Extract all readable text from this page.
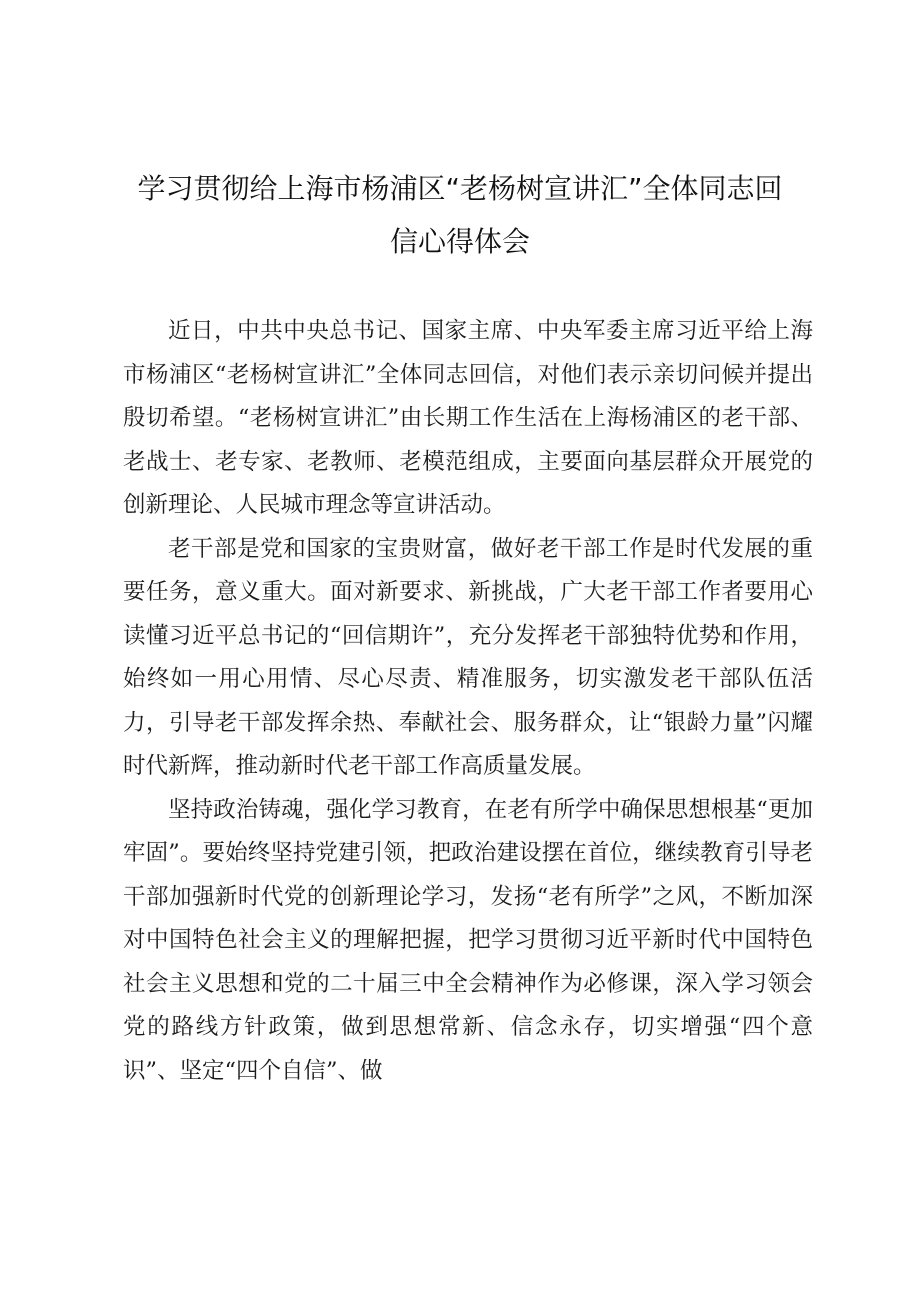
学习贯彻给上海市杨浦区“老杨树宣讲汇”全体同志回
信心得体会

近日，中共中央总书记、国家主席、中央军委主席习近平给上海市杨浦区“老杨树宣讲汇”全体同志回信，对他们表示亲切问候并提出殷切希望。“老杨树宣讲汇”由长期工作生活在上海杨浦区的老干部、老战士、老专家、老教师、老模范组成，主要面向基层群众开展党的创新理论、人民城市理念等宣讲活动。

老干部是党和国家的宝贵财富，做好老干部工作是时代发展的重要任务，意义重大。面对新要求、新挑战，广大老干部工作者要用心读懂习近平总书记的“回信期许”，充分发挥老干部独特优势和作用，始终如一用心用情、尽心尽责、精准服务，切实激发老干部队伍活力，引导老干部发挥余热、奉献社会、服务群众，让“银龄力量”闪耀时代新辉，推动新时代老干部工作高质量发展。

坚持政治铸魂，强化学习教育，在老有所学中确保思想根基“更加牢固”。要始终坚持党建引领，把政治建设摆在首位，继续教育引导老干部加强新时代党的创新理论学习，发扬“老有所学”之风，不断加深对中国特色社会主义的理解把握，把学习贯彻习近平新时代中国特色社会主义思想和党的二十届三中全会精神作为必修课，深入学习领会党的路线方针政策，做到思想常新、信念永存，切实增强“四个意识”、坚定“四个自信”、做
